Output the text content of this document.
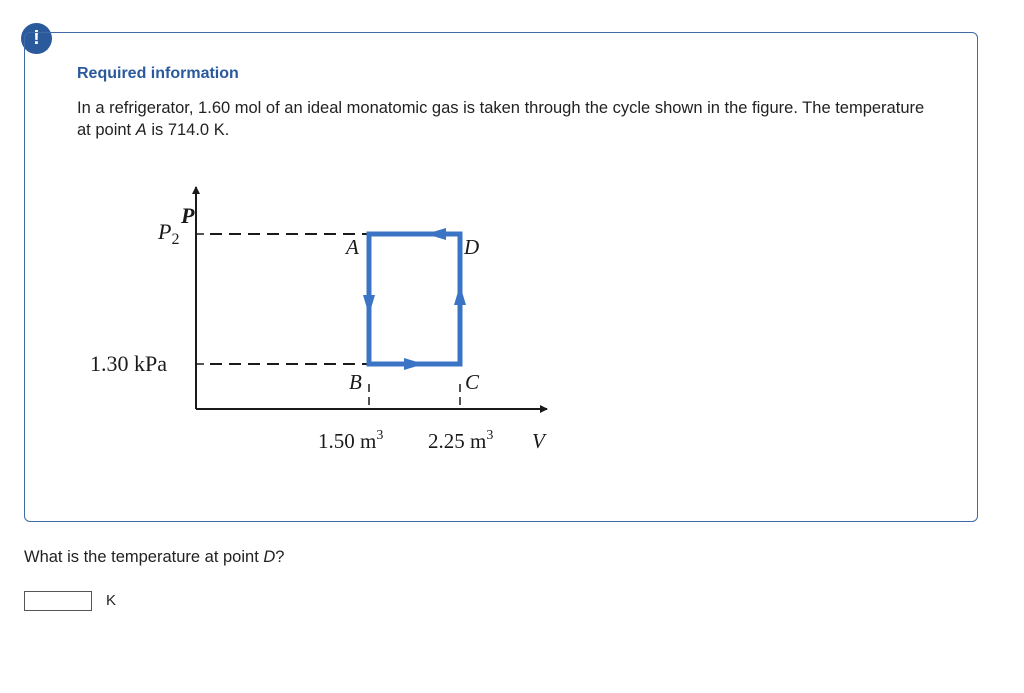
!
Required information

In a refrigerator, 1.60 mol of an ideal monatomic gas is taken through the cycle shown in the figure. The temperature at point A is 714.0 K.

P
$P_2$
1.30 kPa
A	D
B	C
1.50 $m^3$ 2.25 $m^3$ V

What is the temperature at point D?

K
